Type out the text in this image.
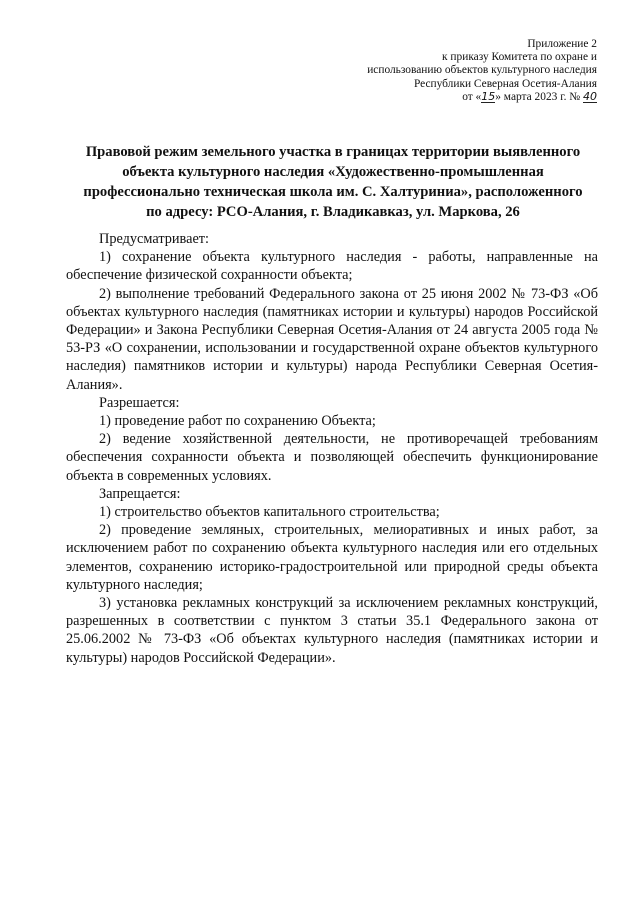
Приложение 2
к приказу Комитета по охране и
использованию объектов культурного наследия
Республики Северная Осетия-Алания
от «15» марта 2023 г. № 40
Правовой режим земельного участка в границах территории выявленного
объекта культурного наследия «Художественно-промышленная
профессионально техническая школа им. С. Халтуриниа», расположенного
по адресу: РСО-Алания, г. Владикавказ, ул. Маркова, 26

Предусматривает:

1) сохранение объекта культурного наследия - работы, направленные на обеспечение физической сохранности объекта;

2) выполнение требований Федерального закона от 25 июня 2002 № 73-ФЗ «Об объектах культурного наследия (памятниках истории и культуры) народов Российской Федерации» и Закона Республики Северная Осетия-Алания от 24 августа 2005 года № 53-РЗ «О сохранении, использовании и государственной охране объектов культурного наследия) памятников истории и культуры) народа Республики Северная Осетия-Алания».

Разрешается:

1) проведение работ по сохранению Объекта;

2) ведение хозяйственной деятельности, не противоречащей требованиям обеспечения сохранности объекта и позволяющей обеспечить функционирование объекта в современных условиях.

Запрещается:

1) строительство объектов капитального строительства;

2) проведение земляных, строительных, мелиоративных и иных работ, за исключением работ по сохранению объекта культурного наследия или его отдельных элементов, сохранению историко-градостроительной или природной среды объекта культурного наследия;

3) установка рекламных конструкций за исключением рекламных конструкций, разрешенных в соответствии с пунктом 3 статьи 35.1 Федерального закона от 25.06.2002 № 73-ФЗ «Об объектах культурного наследия (памятниках истории и культуры) народов Российской Федерации».
